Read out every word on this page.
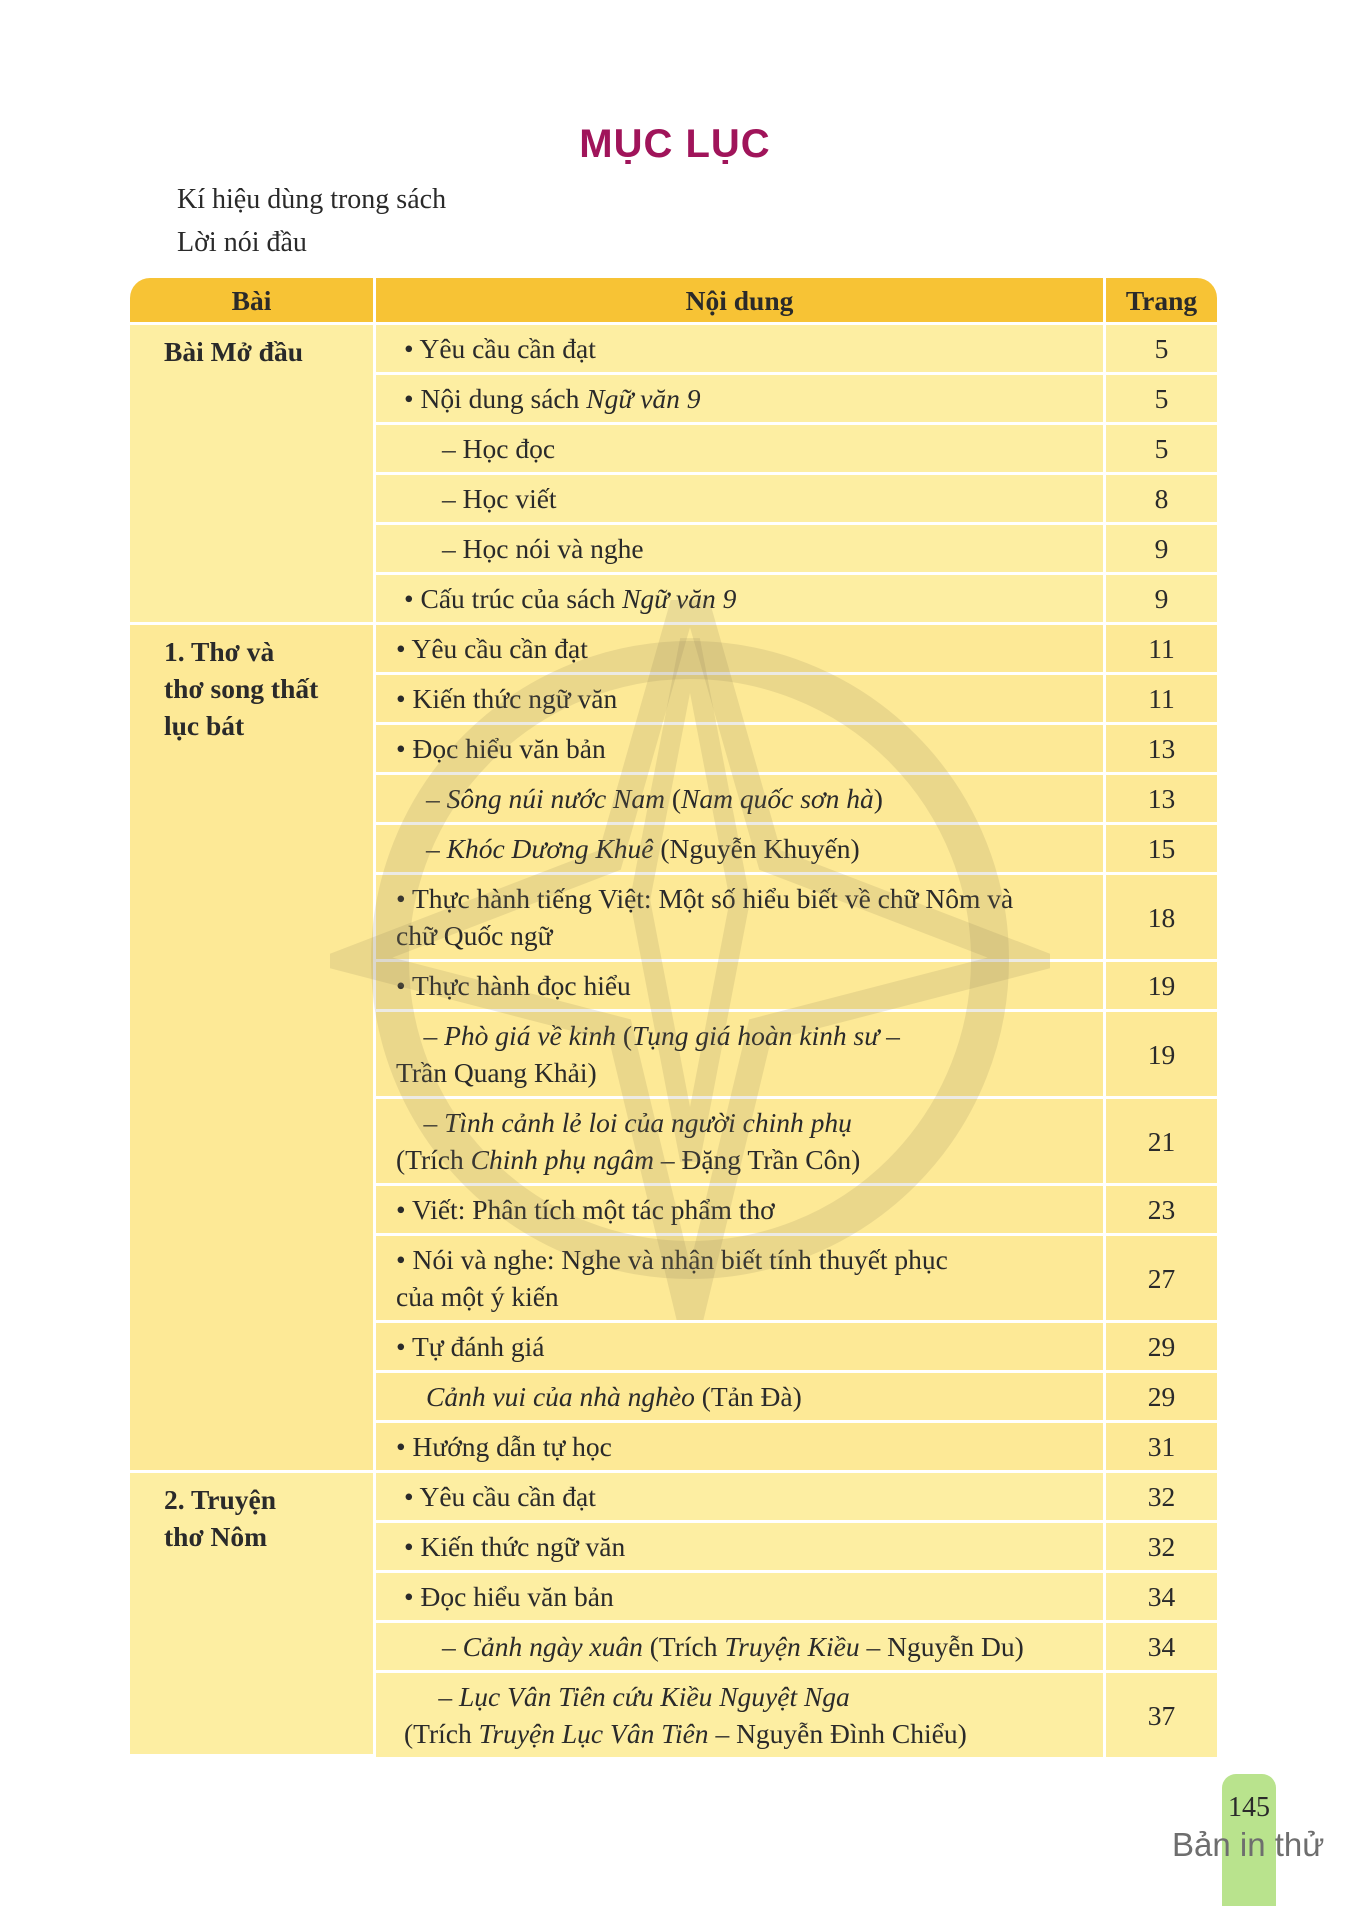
MỤC LỤC
Kí hiệu dùng trong sách
Lời nói đầu
Bài	Nội dung	Trang
Bài Mở đầu	• Yêu cầu cần đạt	5

	• Nội dung sách Ngữ văn 9	5

	– Học đọc	5

	– Học viết	8

	– Học nói và nghe	9

	• Cấu trúc của sách Ngữ văn 9	9
1. Thơ và
thơ song thất
lục bát	• Yêu cầu cần đạt	11

	• Kiến thức ngữ văn	11

	• Đọc hiểu văn bản	13

	– Sông núi nước Nam (Nam quốc sơn hà)	13

	– Khóc Dương Khuê (Nguyễn Khuyến)	15

	• Thực hành tiếng Việt: Một số hiểu biết về chữ Nôm và
chữ Quốc ngữ	18

	• Thực hành đọc hiểu	19

	– Phò giá về kinh (Tụng giá hoàn kinh sư –
Trần Quang Khải)	19

	– Tình cảnh lẻ loi của người chinh phụ
(Trích Chinh phụ ngâm – Đặng Trần Côn)	21

	• Viết: Phân tích một tác phẩm thơ	23

	• Nói và nghe: Nghe và nhận biết tính thuyết phục
của một ý kiến	27

	• Tự đánh giá	29

	Cảnh vui của nhà nghèo (Tản Đà)	29

	• Hướng dẫn tự học	31
2. Truyện
thơ Nôm	• Yêu cầu cần đạt	32

	• Kiến thức ngữ văn	32

	• Đọc hiểu văn bản	34

	– Cảnh ngày xuân (Trích Truyện Kiều – Nguyễn Du)	34

	– Lục Vân Tiên cứu Kiều Nguyệt Nga
(Trích Truyện Lục Vân Tiên – Nguyễn Đình Chiểu)	37
145
Bản in thử
